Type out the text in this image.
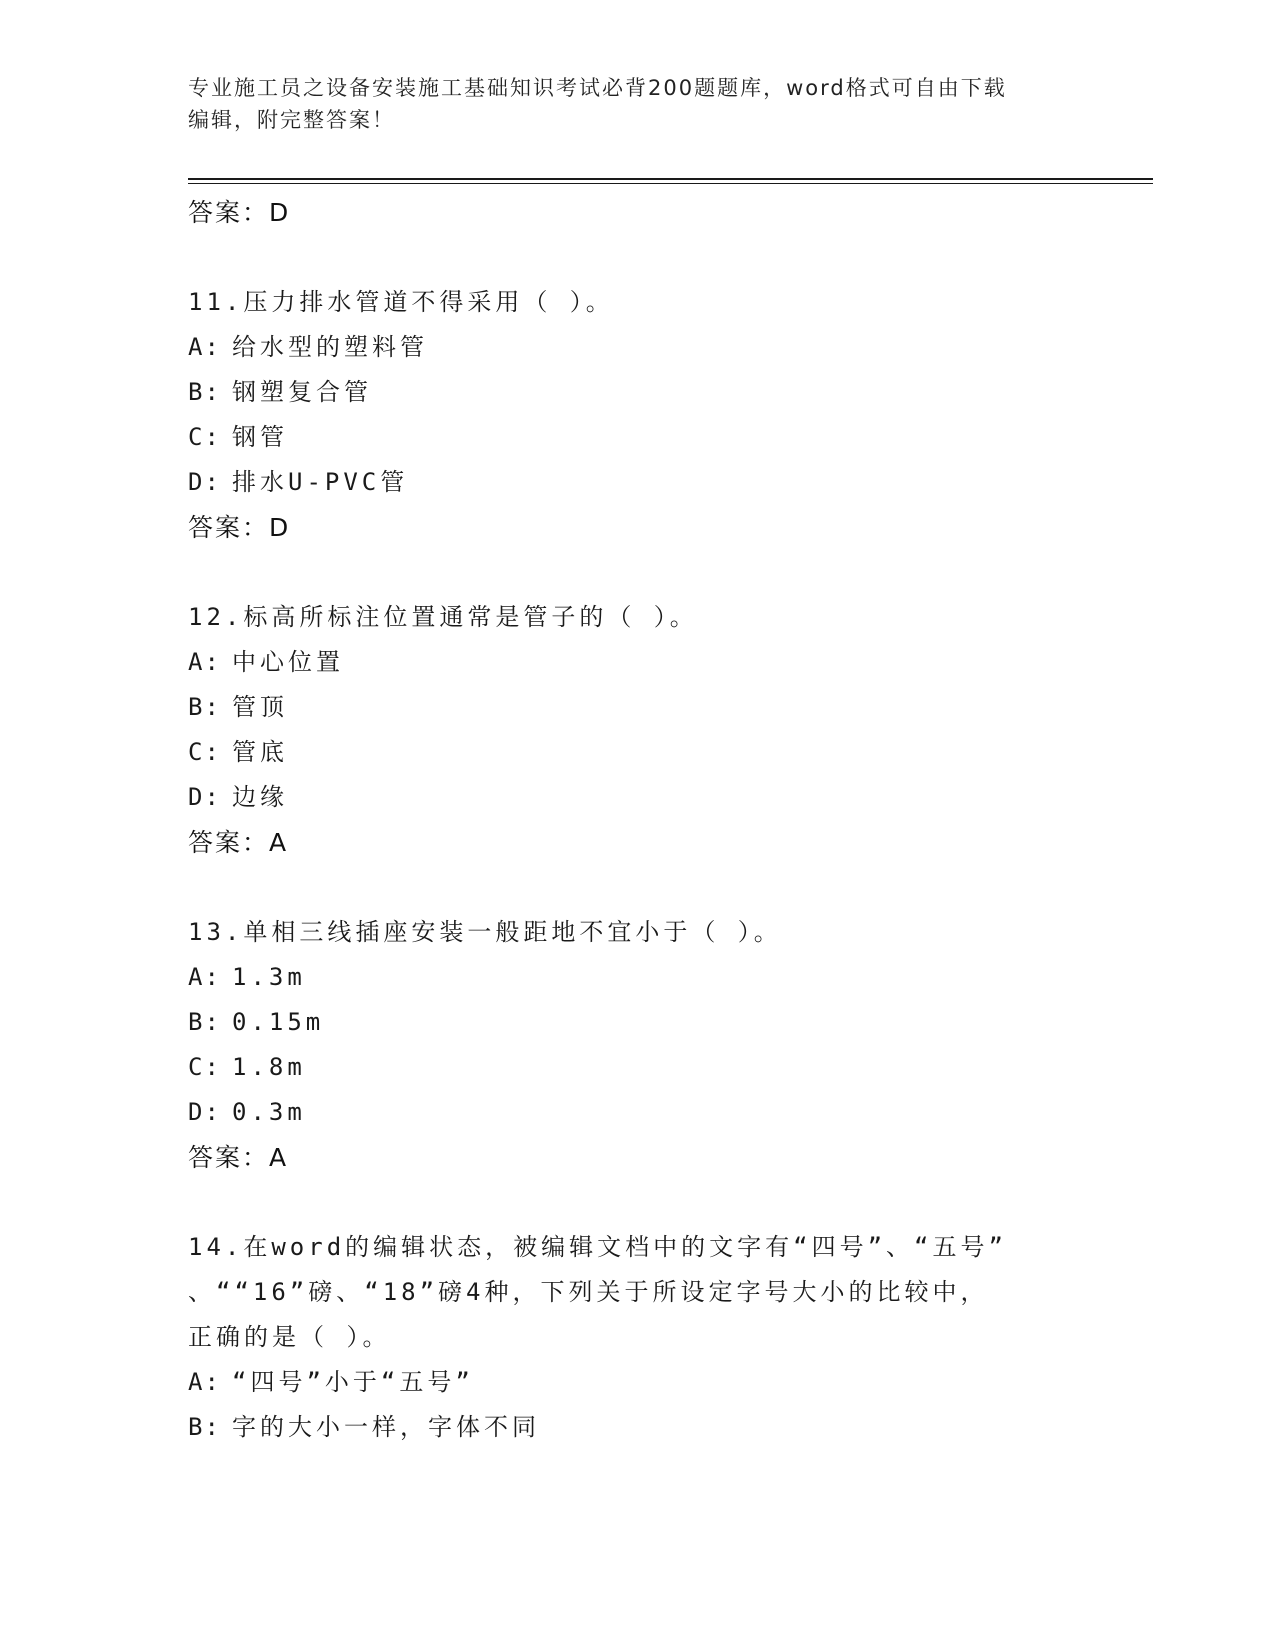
专业施工员之设备安装施工基础知识考试必背200题题库，word格式可自由下载
编辑，附完整答案！
答案：D
11.压力排水管道不得采用（ ）。
A: 给水型的塑料管
B: 钢塑复合管
C: 钢管
D: 排水U-PVC管
答案：D
12.标高所标注位置通常是管子的（ ）。
A: 中心位置
B: 管顶
C: 管底
D: 边缘
答案：A
13.单相三线插座安装一般距地不宜小于（ ）。
A: 1.3m
B: 0.15m
C: 1.8m
D: 0.3m
答案：A
14.在word的编辑状态，被编辑文档中的文字有“四号”、“五号”
、““16”磅、“18”磅4种，下列关于所设定字号大小的比较中，
正确的是（ ）。
A: “四号”小于“五号”
B: 字的大小一样，字体不同
